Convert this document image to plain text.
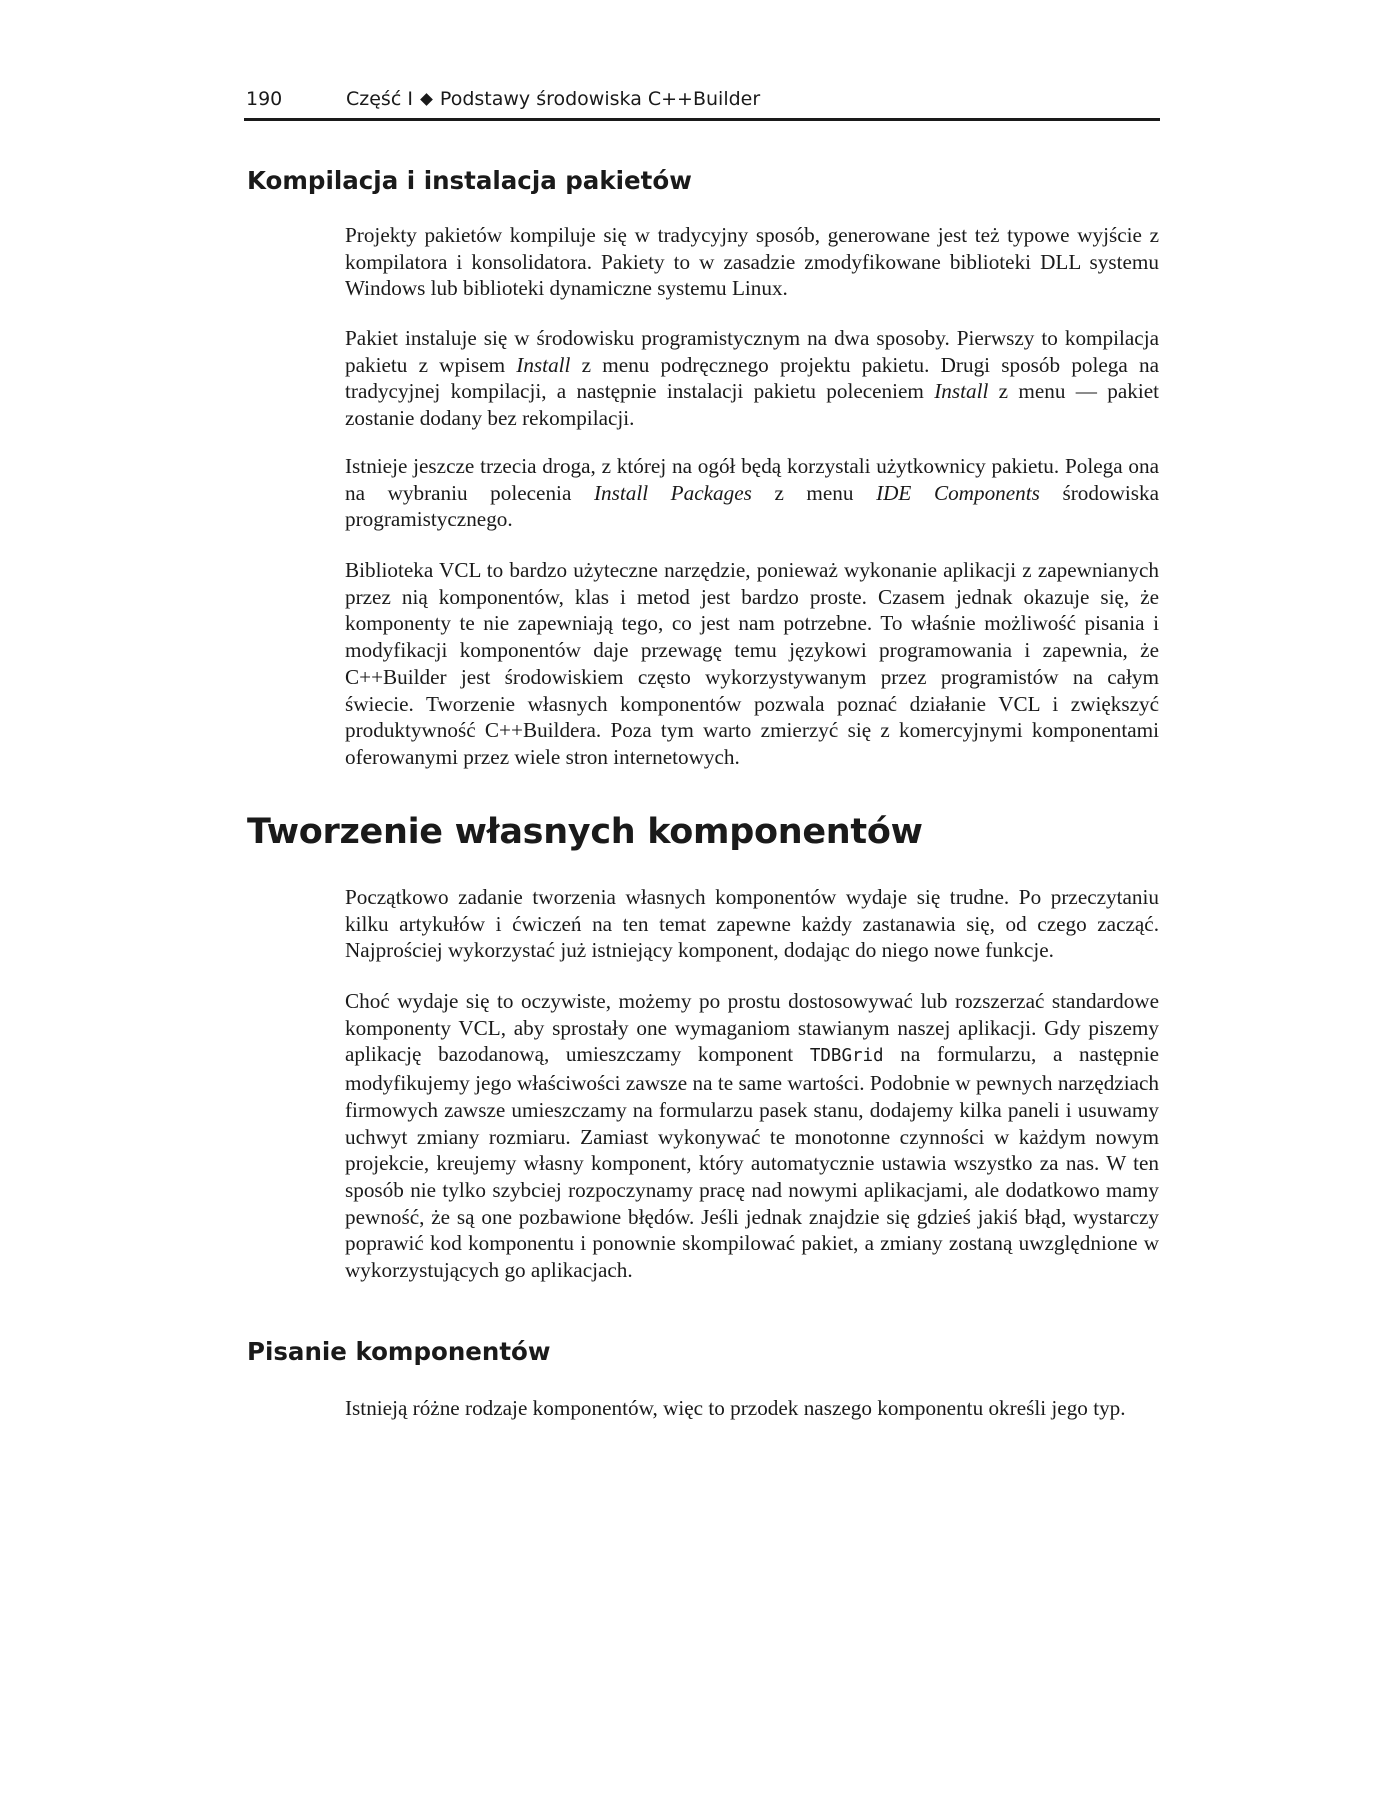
190	Część I Podstawy środowiska C++Builder
Kompilacja i instalacja pakietów

Projekty pakietów kompiluje się w tradycyjny sposób, generowane jest też typowe wyjście z kompilatora i konsolidatora. Pakiety to w zasadzie zmodyfikowane biblioteki DLL systemu Windows lub biblioteki dynamiczne systemu Linux.

Pakiet instaluje się w środowisku programistycznym na dwa sposoby. Pierwszy to kompilacja pakietu z wpisem Install z menu podręcznego projektu pakietu. Drugi sposób polega na tradycyjnej kompilacji, a następnie instalacji pakietu poleceniem Install z menu — pakiet zostanie dodany bez rekompilacji.

Istnieje jeszcze trzecia droga, z której na ogół będą korzystali użytkownicy pakietu. Polega ona na wybraniu polecenia Install Packages z menu IDE Components środowiska programistycznego.

Biblioteka VCL to bardzo użyteczne narzędzie, ponieważ wykonanie aplikacji z zapewnianych przez nią komponentów, klas i metod jest bardzo proste. Czasem jednak okazuje się, że komponenty te nie zapewniają tego, co jest nam potrzebne. To właśnie możliwość pisania i modyfikacji komponentów daje przewagę temu językowi programowania i zapewnia, że C++Builder jest środowiskiem często wykorzystywanym przez programistów na całym świecie. Tworzenie własnych komponentów pozwala poznać działanie VCL i zwiększyć produktywność C++Buildera. Poza tym warto zmierzyć się z komercyjnymi komponentami oferowanymi przez wiele stron internetowych.

Tworzenie własnych komponentów

Początkowo zadanie tworzenia własnych komponentów wydaje się trudne. Po przeczytaniu kilku artykułów i ćwiczeń na ten temat zapewne każdy zastanawia się, od czego zacząć. Najprościej wykorzystać już istniejący komponent, dodając do niego nowe funkcje.

Choć wydaje się to oczywiste, możemy po prostu dostosowywać lub rozszerzać standardowe komponenty VCL, aby sprostały one wymaganiom stawianym naszej aplikacji. Gdy piszemy aplikację bazodanową, umieszczamy komponent TDBGrid na formularzu, a następnie modyfikujemy jego właściwości zawsze na te same wartości. Podobnie w pewnych narzędziach firmowych zawsze umieszczamy na formularzu pasek stanu, dodajemy kilka paneli i usuwamy uchwyt zmiany rozmiaru. Zamiast wykonywać te monotonne czynności w każdym nowym projekcie, kreujemy własny komponent, który automatycznie ustawia wszystko za nas. W ten sposób nie tylko szybciej rozpoczynamy pracę nad nowymi aplikacjami, ale dodatkowo mamy pewność, że są one pozbawione błędów. Jeśli jednak znajdzie się gdzieś jakiś błąd, wystarczy poprawić kod komponentu i ponownie skompilować pakiet, a zmiany zostaną uwzględnione w wykorzystujących go aplikacjach.

Pisanie komponentów

Istnieją różne rodzaje komponentów, więc to przodek naszego komponentu określi jego typ.
